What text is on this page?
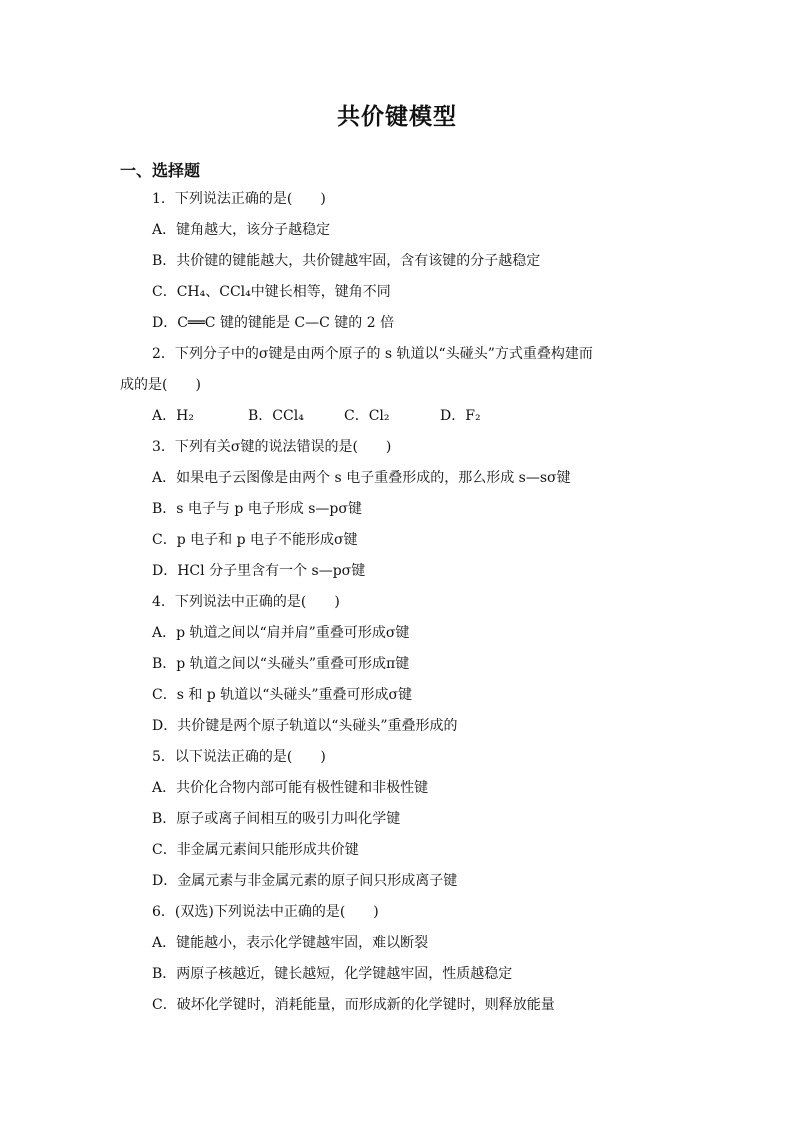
共价键模型
一、选择题
1．下列说法正确的是(　　)
A．键角越大，该分子越稳定
B．共价键的键能越大，共价键越牢固，含有该键的分子越稳定
C．CH₄、CCl₄中键长相等，键角不同
D．C══C 键的键能是 C—C 键的 2 倍
2．下列分子中的σ键是由两个原子的 s 轨道以“头碰头”方式重叠构建而
成的是(　　)
A．H₂	B．CCl₄	C．Cl₂	D．F₂
3．下列有关σ键的说法错误的是(　　)
A．如果电子云图像是由两个 s 电子重叠形成的，那么形成 s—sσ键
B．s 电子与 p 电子形成 s—pσ键
C．p 电子和 p 电子不能形成σ键
D．HCl 分子里含有一个 s—pσ键
4．下列说法中正确的是(　　)
A．p 轨道之间以“肩并肩”重叠可形成σ键
B．p 轨道之间以“头碰头”重叠可形成π键
C．s 和 p 轨道以“头碰头”重叠可形成σ键
D．共价键是两个原子轨道以“头碰头”重叠形成的
5．以下说法正确的是(　　)
A．共价化合物内部可能有极性键和非极性键
B．原子或离子间相互的吸引力叫化学键
C．非金属元素间只能形成共价键
D．金属元素与非金属元素的原子间只形成离子键
6．(双选)下列说法中正确的是(　　)
A．键能越小，表示化学键越牢固，难以断裂
B．两原子核越近，键长越短，化学键越牢固，性质越稳定
C．破坏化学键时，消耗能量，而形成新的化学键时，则释放能量
